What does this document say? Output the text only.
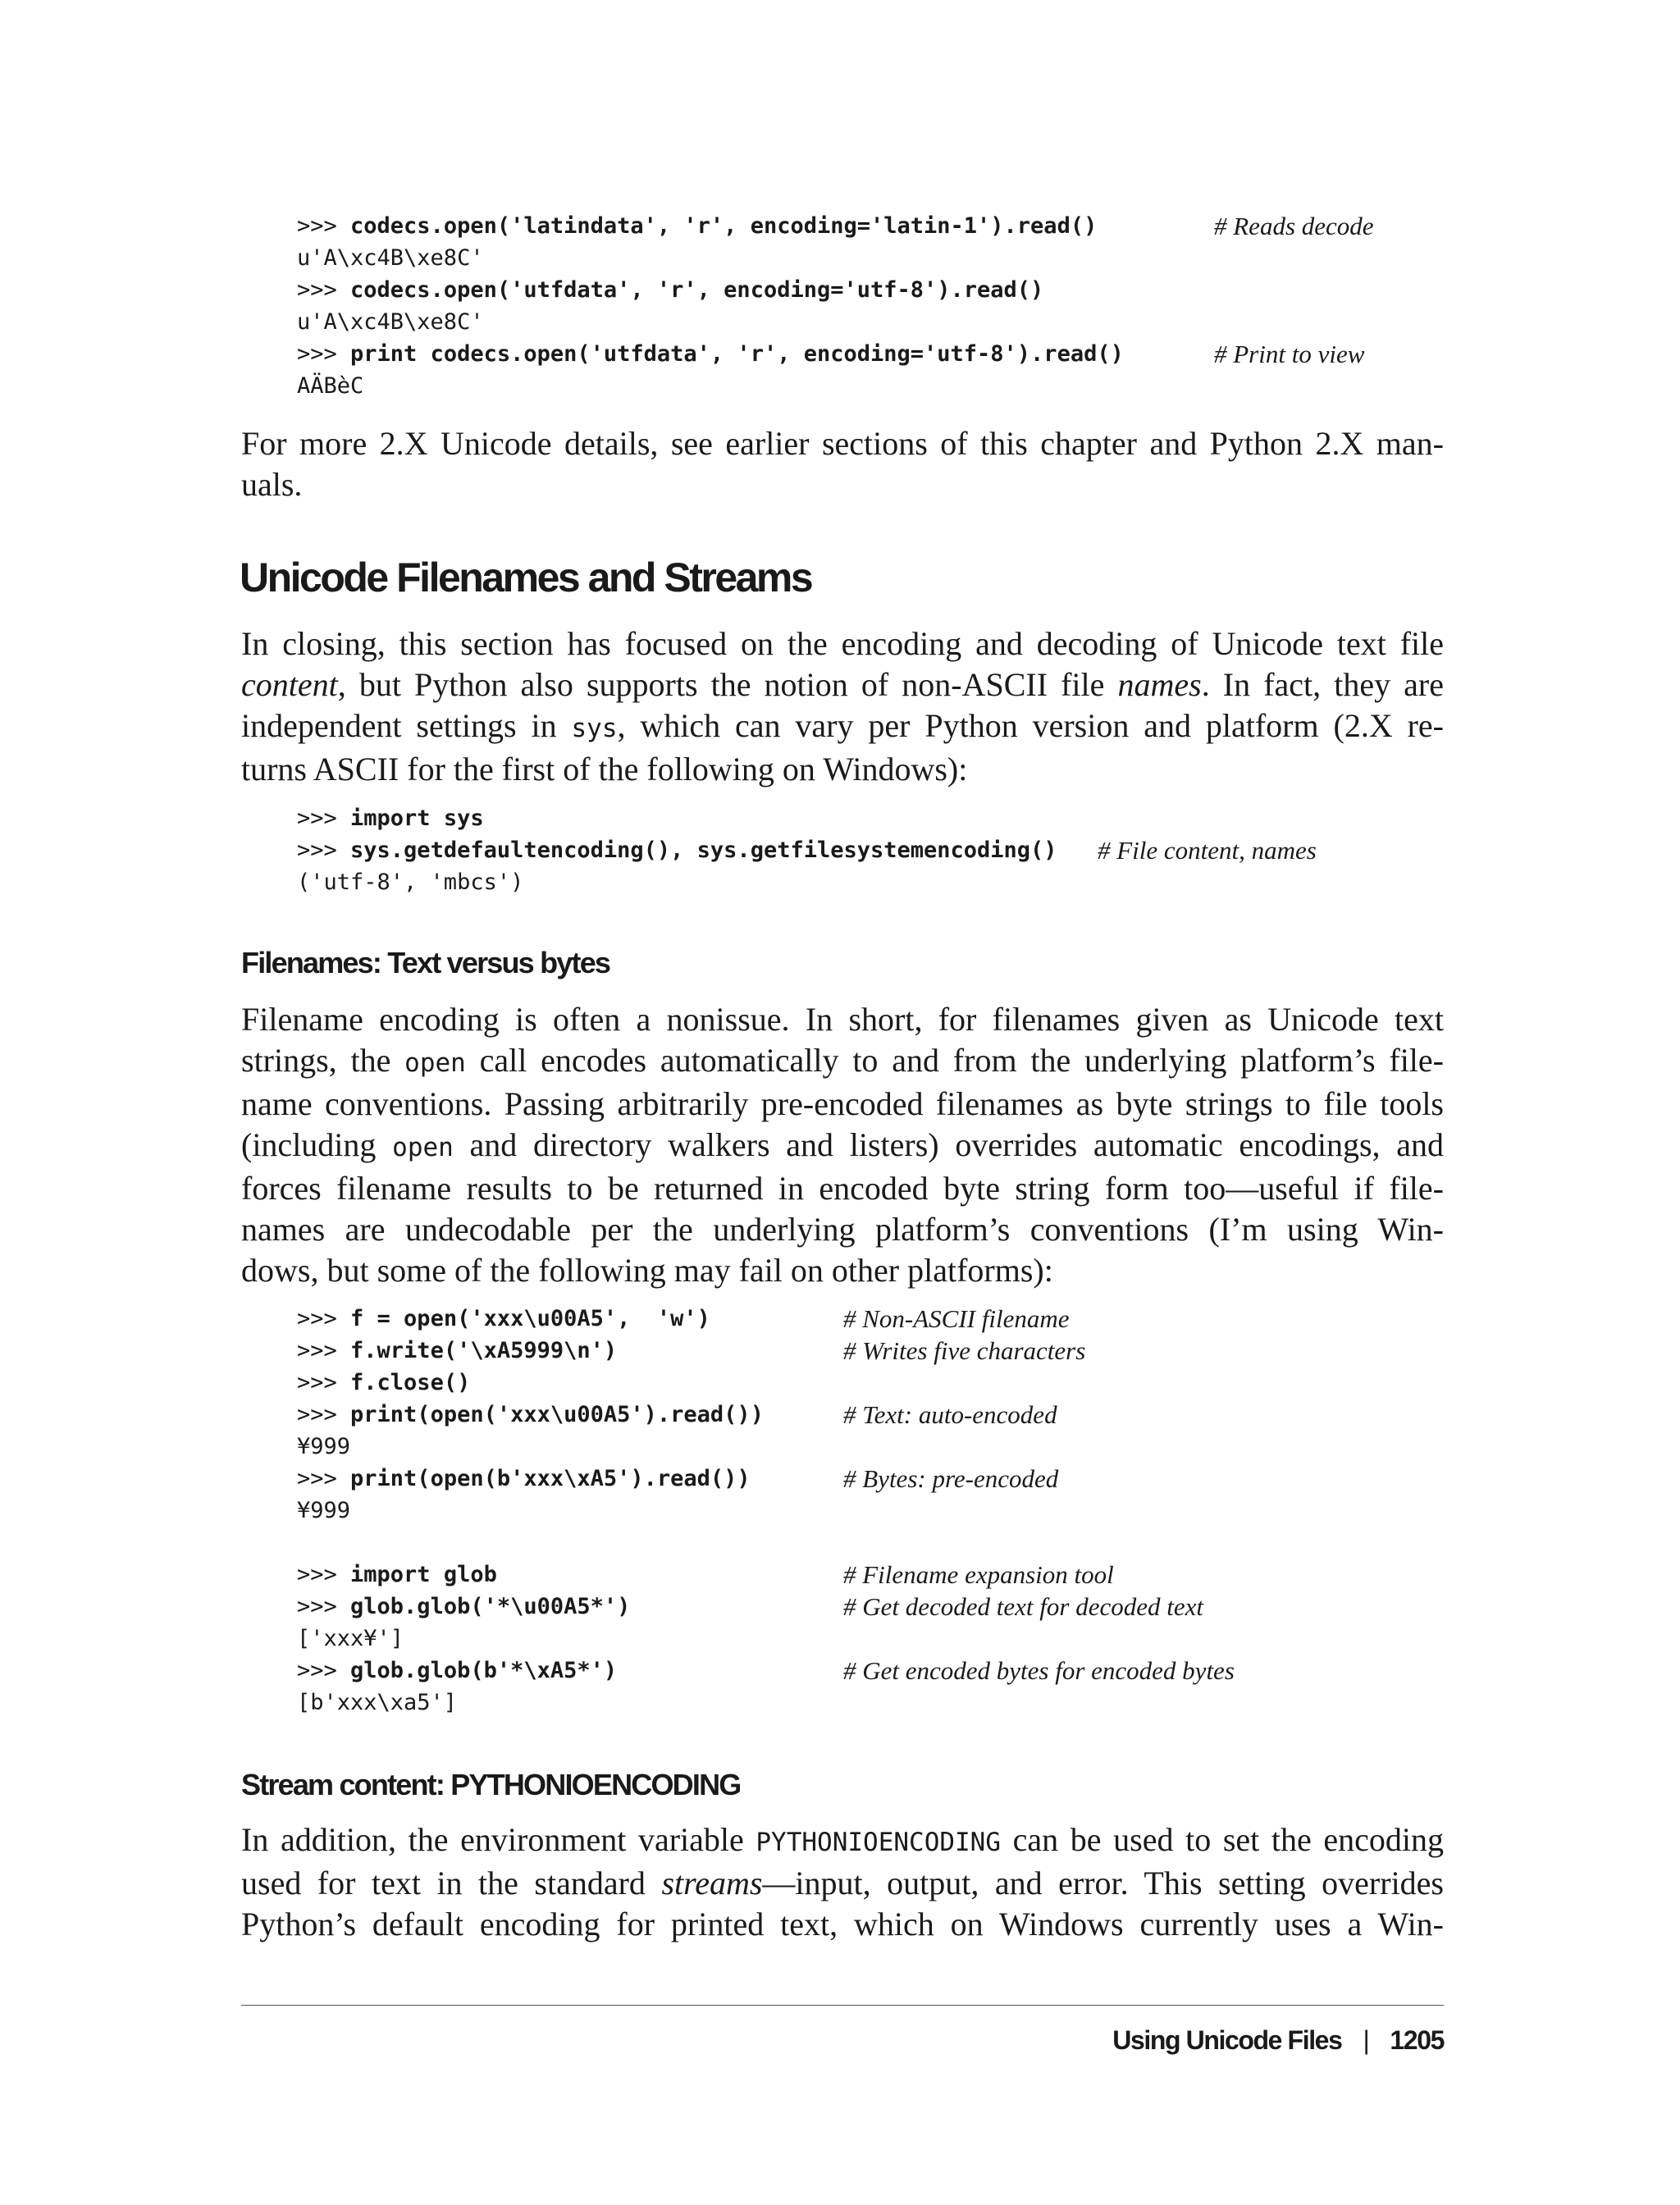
>>> codecs.open('latindata', 'r', encoding='latin-1').read()	# Reads decode
u'A\xc4B\xe8C'
>>> codecs.open('utfdata', 'r', encoding='utf-8').read()
u'A\xc4B\xe8C'
>>> print codecs.open('utfdata', 'r', encoding='utf-8').read()	# Print to view
AÄBèC

For more 2.X Unicode details, see earlier sections of this chapter and Python 2.X man-
uals.

Unicode Filenames and Streams

In closing, this section has focused on the encoding and decoding of Unicode text file
content, but Python also supports the notion of non-ASCII file names. In fact, they are
independent settings in sys, which can vary per Python version and platform (2.X re-
turns ASCII for the first of the following on Windows):

>>> import sys
>>> sys.getdefaultencoding(), sys.getfilesystemencoding() # File content, names
('utf-8', 'mbcs')
Filenames: Text versus bytes

Filename encoding is often a nonissue. In short, for filenames given as Unicode text
strings, the open call encodes automatically to and from the underlying platform’s file-
name conventions. Passing arbitrarily pre-encoded filenames as byte strings to file tools
(including open and directory walkers and listers) overrides automatic encodings, and
forces filename results to be returned in encoded byte string form too—useful if file-
names are undecodable per the underlying platform’s conventions (I’m using Win-
dows, but some of the following may fail on other platforms):

>>> f = open('xxx\u00A5',  'w')	# Non-ASCII filename
>>> f.write('\xA5999\n')	# Writes five characters
>>> f.close()
>>> print(open('xxx\u00A5').read())	# Text: auto-encoded
¥999
>>> print(open(b'xxx\xA5').read())	# Bytes: pre-encoded
¥999
>>> import glob	# Filename expansion tool
>>> glob.glob('*\u00A5*')	# Get decoded text for decoded text
['xxx¥']
>>> glob.glob(b'*\xA5*')	# Get encoded bytes for encoded bytes
[b'xxx\xa5']
Stream content: PYTHONIOENCODING

In addition, the environment variable PYTHONIOENCODING can be used to set the encoding
used for text in the standard streams—input, output, and error. This setting overrides
Python’s default encoding for printed text, which on Windows currently uses a Win-

Using Unicode Files | 1205
